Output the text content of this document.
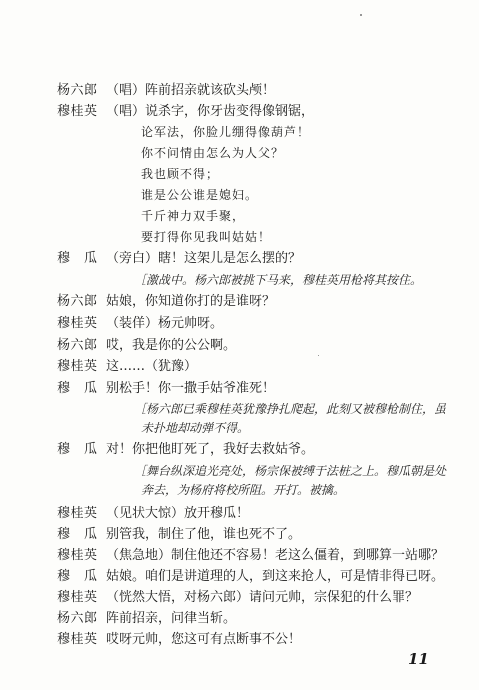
杨六郎 （唱）阵前招亲就该砍头颅！
穆桂英 （唱）说杀字，你牙齿变得像钢锯，
论军法，你脸儿绷得像葫芦！
你不问情由怎么为人父？
我也顾不得；
谁是公公谁是媳妇。
千斤神力双手聚，
要打得你见我叫姑姑！
穆　瓜 （旁白）瞎！这架儿是怎么摆的？
［激战中。杨六郎被挑下马来，穆桂英用枪将其按住。
杨六郎 姑娘，你知道你打的是谁呀？
穆桂英 （装佯）杨元帅呀。
杨六郎 哎，我是你的公公啊。
穆桂英 这……（犹豫）
穆　瓜 别松手！你一撒手姑爷准死！
［杨六郎已乘穆桂英犹豫挣扎爬起，此刻又被穆枪制住，虽
未扑地却动弹不得。
穆　瓜 对！你把他盯死了，我好去救姑爷。
［舞台纵深追光亮处，杨宗保被缚于法桩之上。穆瓜朝是处
奔去，为杨府将校所阻。开打。被擒。
穆桂英 （见状大惊）放开穆瓜！
穆　瓜 别管我，制住了他，谁也死不了。
穆桂英 （焦急地）制住他还不容易！老这么僵着，到哪算一站哪？
穆　瓜 姑娘。咱们是讲道理的人，到这来抢人，可是情非得已呀。
穆桂英 （恍然大悟，对杨六郎）请问元帅，宗保犯的什么罪？
杨六郎 阵前招亲，问律当斩。
穆桂英 哎呀元帅，您这可有点断事不公！
11
